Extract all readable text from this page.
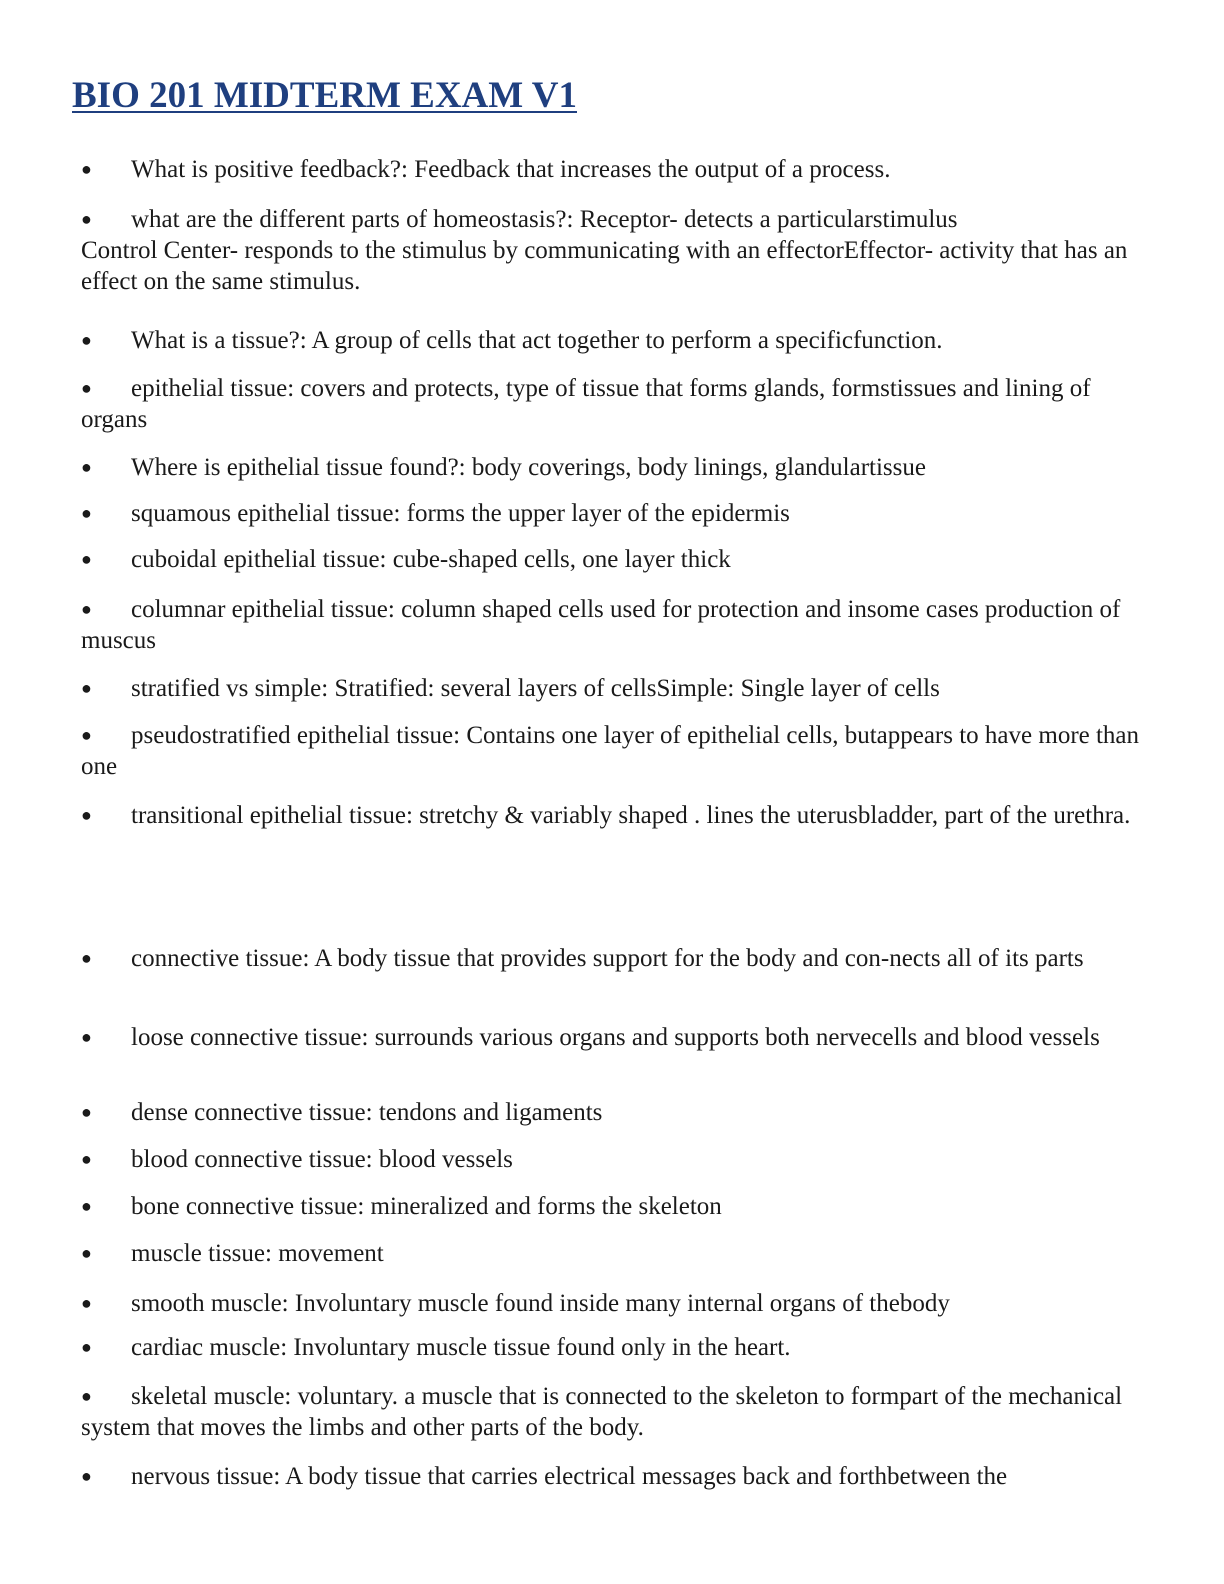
BIO 201 MIDTERM EXAM V1
● What is positive feedback?: Feedback that increases the output of a process.
● what are the different parts of homeostasis?: Receptor- detects a particularstimulus
Control Center- responds to the stimulus by communicating with an effectorEffector- activity that has an effect on the same stimulus.
● What is a tissue?: A group of cells that act together to perform a specificfunction.
● epithelial tissue: covers and protects, type of tissue that forms glands, formstissues and lining of organs
● Where is epithelial tissue found?: body coverings, body linings, glandulartissue
● squamous epithelial tissue: forms the upper layer of the epidermis
● cuboidal epithelial tissue: cube-shaped cells, one layer thick
● columnar epithelial tissue: column shaped cells used for protection and insome cases production of muscus
● stratified vs simple: Stratified: several layers of cellsSimple: Single layer of cells
● pseudostratified epithelial tissue: Contains one layer of epithelial cells, butappears to have more than one
● transitional epithelial tissue: stretchy & variably shaped . lines the uterusbladder, part of the urethra.
● connective tissue: A body tissue that provides support for the body and con-nects all of its parts
● loose connective tissue: surrounds various organs and supports both nervecells and blood vessels
● dense connective tissue: tendons and ligaments
● blood connective tissue: blood vessels
● bone connective tissue: mineralized and forms the skeleton
● muscle tissue: movement
● smooth muscle: Involuntary muscle found inside many internal organs of thebody
● cardiac muscle: Involuntary muscle tissue found only in the heart.
● skeletal muscle: voluntary. a muscle that is connected to the skeleton to formpart of the mechanical system that moves the limbs and other parts of the body.
● nervous tissue: A body tissue that carries electrical messages back and forthbetween the
